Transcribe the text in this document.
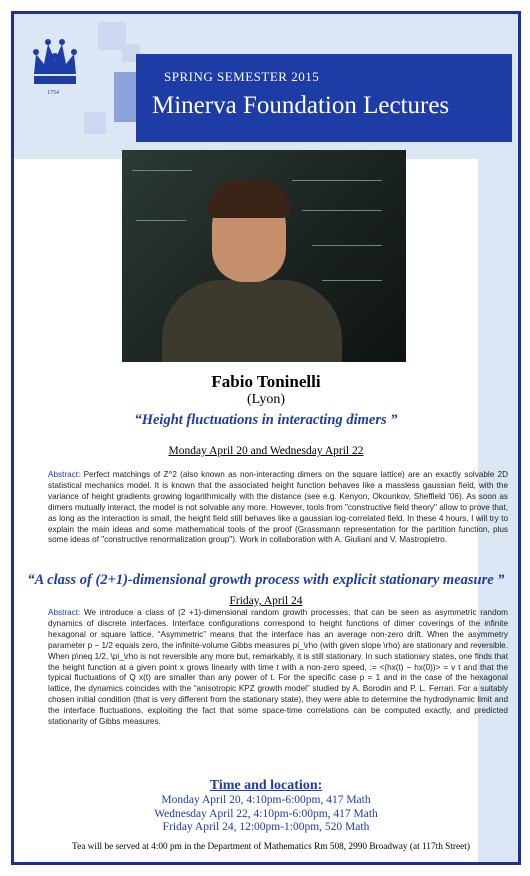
1754
SPRING SEMESTER 2015
Minerva Foundation Lectures
Fabio Toninelli
(Lyon)
“Height fluctuations in interacting dimers ”
Monday April 20 and Wednesday April 22
Abstract: Perfect matchings of Z^2 (also known as non-interacting dimers on the square lattice) are an exactly solvable 2D statistical mechanics model. It is known that the associated height function behaves like a massless gaussian field, with the variance of height gradients growing logarithmically with the distance (see e.g. Kenyon, Okounkov, Sheffield '06). As soon as dimers mutually interact, the model is not solvable any more. However, tools from "constructive field theory" allow to prove that, as long as the interaction is small, the height field still behaves like a gaussian log-correlated field. In these 4 hours, I will try to explain the main ideas and some mathematical tools of the proof (Grassmann representation for the partition function, plus some ideas of "constructive renormalization group"). Work in collaboration with A. Giuliani and V. Mastropietro.
“A class of (2+1)-dimensional growth process with explicit stationary measure ”
Friday, April 24
Abstract: We introduce a class of (2 +1)-dimensional random growth processes, that can be seen as asymmetric random dynamics of discrete interfaces. Interface configurations correspond to height functions of dimer coverings of the infinite hexagonal or square lattice. “Asymmetric” means that the interface has an average non-zero drift. When the asymmetry parameter p − 1/2 equals zero, the infinite-volume Gibbs measures pi_\rho (with given slope \rho) are stationary and reversible. When p\neq 1/2, \pi_\rho is not reversible any more but, remarkably, it is still stationary. In such stationary states, one finds that the height function at a given point x grows linearly with time t with a non-zero speed, := <(hx(t) − hx(0))> = v t and that the typical fluctuations of Q x(t) are smaller than any power of t. For the specific case p = 1 and in the case of the hexagonal lattice, the dynamics coincides with the “anisotropic KPZ growth model” studied by A. Borodin and P. L. Ferrari. For a suitably chosen initial condition (that is very different from the stationary state), they were able to determine the hydrodynamic limit and the interface fluctuations, exploiting the fact that some space-time correlations can be computed exactly, and predicted stationarity of Gibbs measures.
Time and location:
Monday April 20, 4:10pm-6:00pm, 417 Math
Wednesday April 22, 4:10pm-6:00pm, 417 Math
Friday April 24, 12:00pm-1:00pm, 520 Math
Tea will be served at 4:00 pm in the Department of Mathematics Rm 508, 2990 Broadway (at 117th Street)
